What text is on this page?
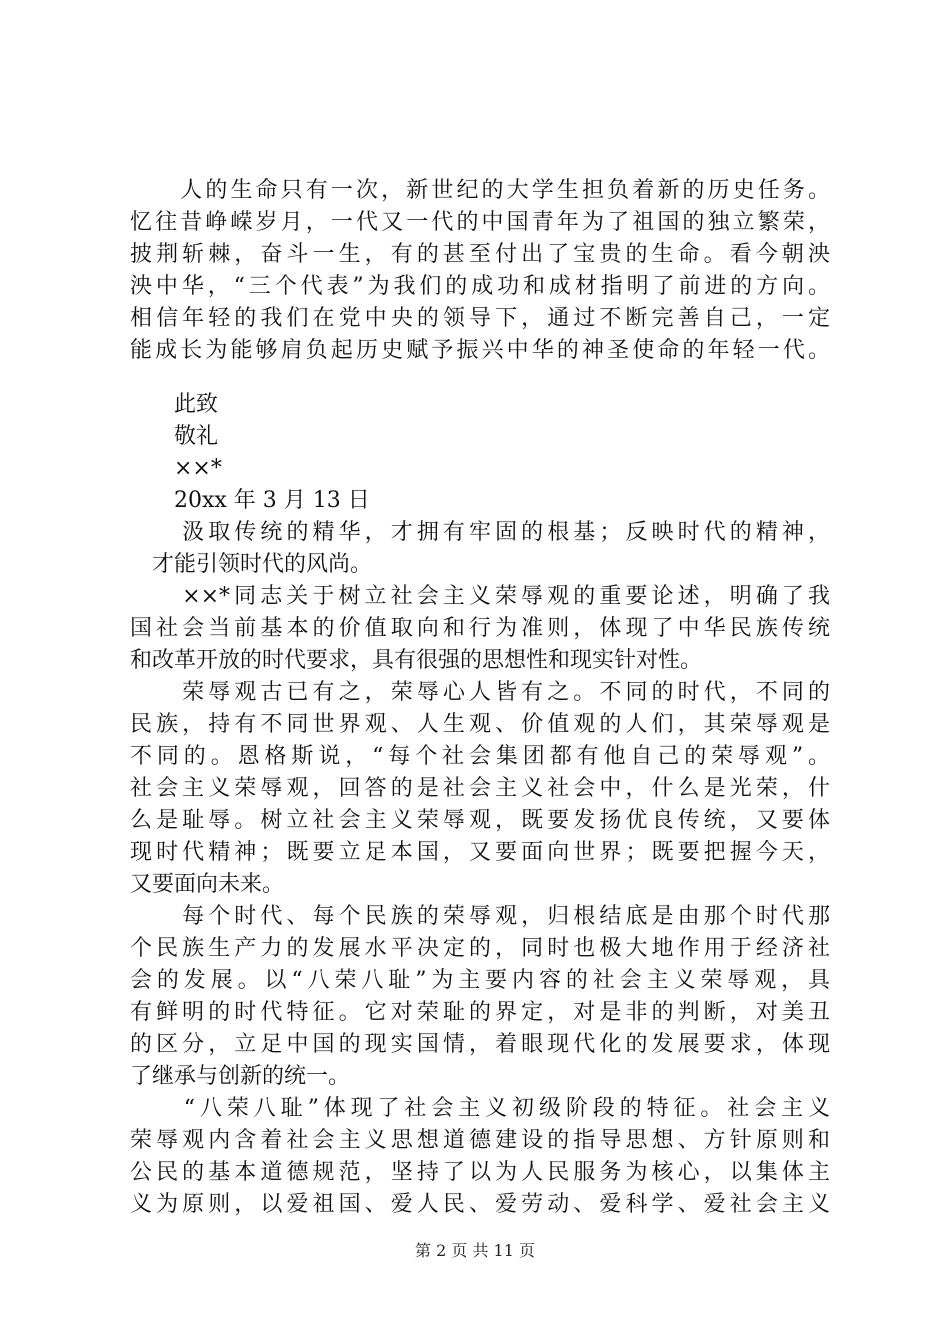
　　人的生命只有一次，新世纪的大学生担负着新的历史任务。
忆往昔峥嵘岁月，一代又一代的中国青年为了祖国的独立繁荣，
披荆斩棘，奋斗一生，有的甚至付出了宝贵的生命。看今朝泱
泱中华，“三个代表”为我们的成功和成材指明了前进的方向。
相信年轻的我们在党中央的领导下，通过不断完善自己，一定
能成长为能够肩负起历史赋予振兴中华的神圣使命的年轻一代。
　　此致
　　敬礼
　　××*
　　20xx 年 3 月 13 日
　　汲取传统的精华，才拥有牢固的根基；反映时代的精神，
　才能引领时代的风尚。
　　××*同志关于树立社会主义荣辱观的重要论述，明确了我
国社会当前基本的价值取向和行为准则，体现了中华民族传统
和改革开放的时代要求，具有很强的思想性和现实针对性。
　　荣辱观古已有之，荣辱心人皆有之。不同的时代，不同的
民族，持有不同世界观、人生观、价值观的人们，其荣辱观是
不同的。恩格斯说，“每个社会集团都有他自己的荣辱观”。
社会主义荣辱观，回答的是社会主义社会中，什么是光荣，什
么是耻辱。树立社会主义荣辱观，既要发扬优良传统，又要体
现时代精神；既要立足本国，又要面向世界；既要把握今天，
又要面向未来。
　　每个时代、每个民族的荣辱观，归根结底是由那个时代那
个民族生产力的发展水平决定的，同时也极大地作用于经济社
会的发展。以“八荣八耻”为主要内容的社会主义荣辱观，具
有鲜明的时代特征。它对荣耻的界定，对是非的判断，对美丑
的区分，立足中国的现实国情，着眼现代化的发展要求，体现
了继承与创新的统一。
　　“八荣八耻”体现了社会主义初级阶段的特征。社会主义
荣辱观内含着社会主义思想道德建设的指导思想、方针原则和
公民的基本道德规范，坚持了以为人民服务为核心，以集体主
义为原则，以爱祖国、爱人民、爱劳动、爱科学、爱社会主义
第 2 页 共 11 页
